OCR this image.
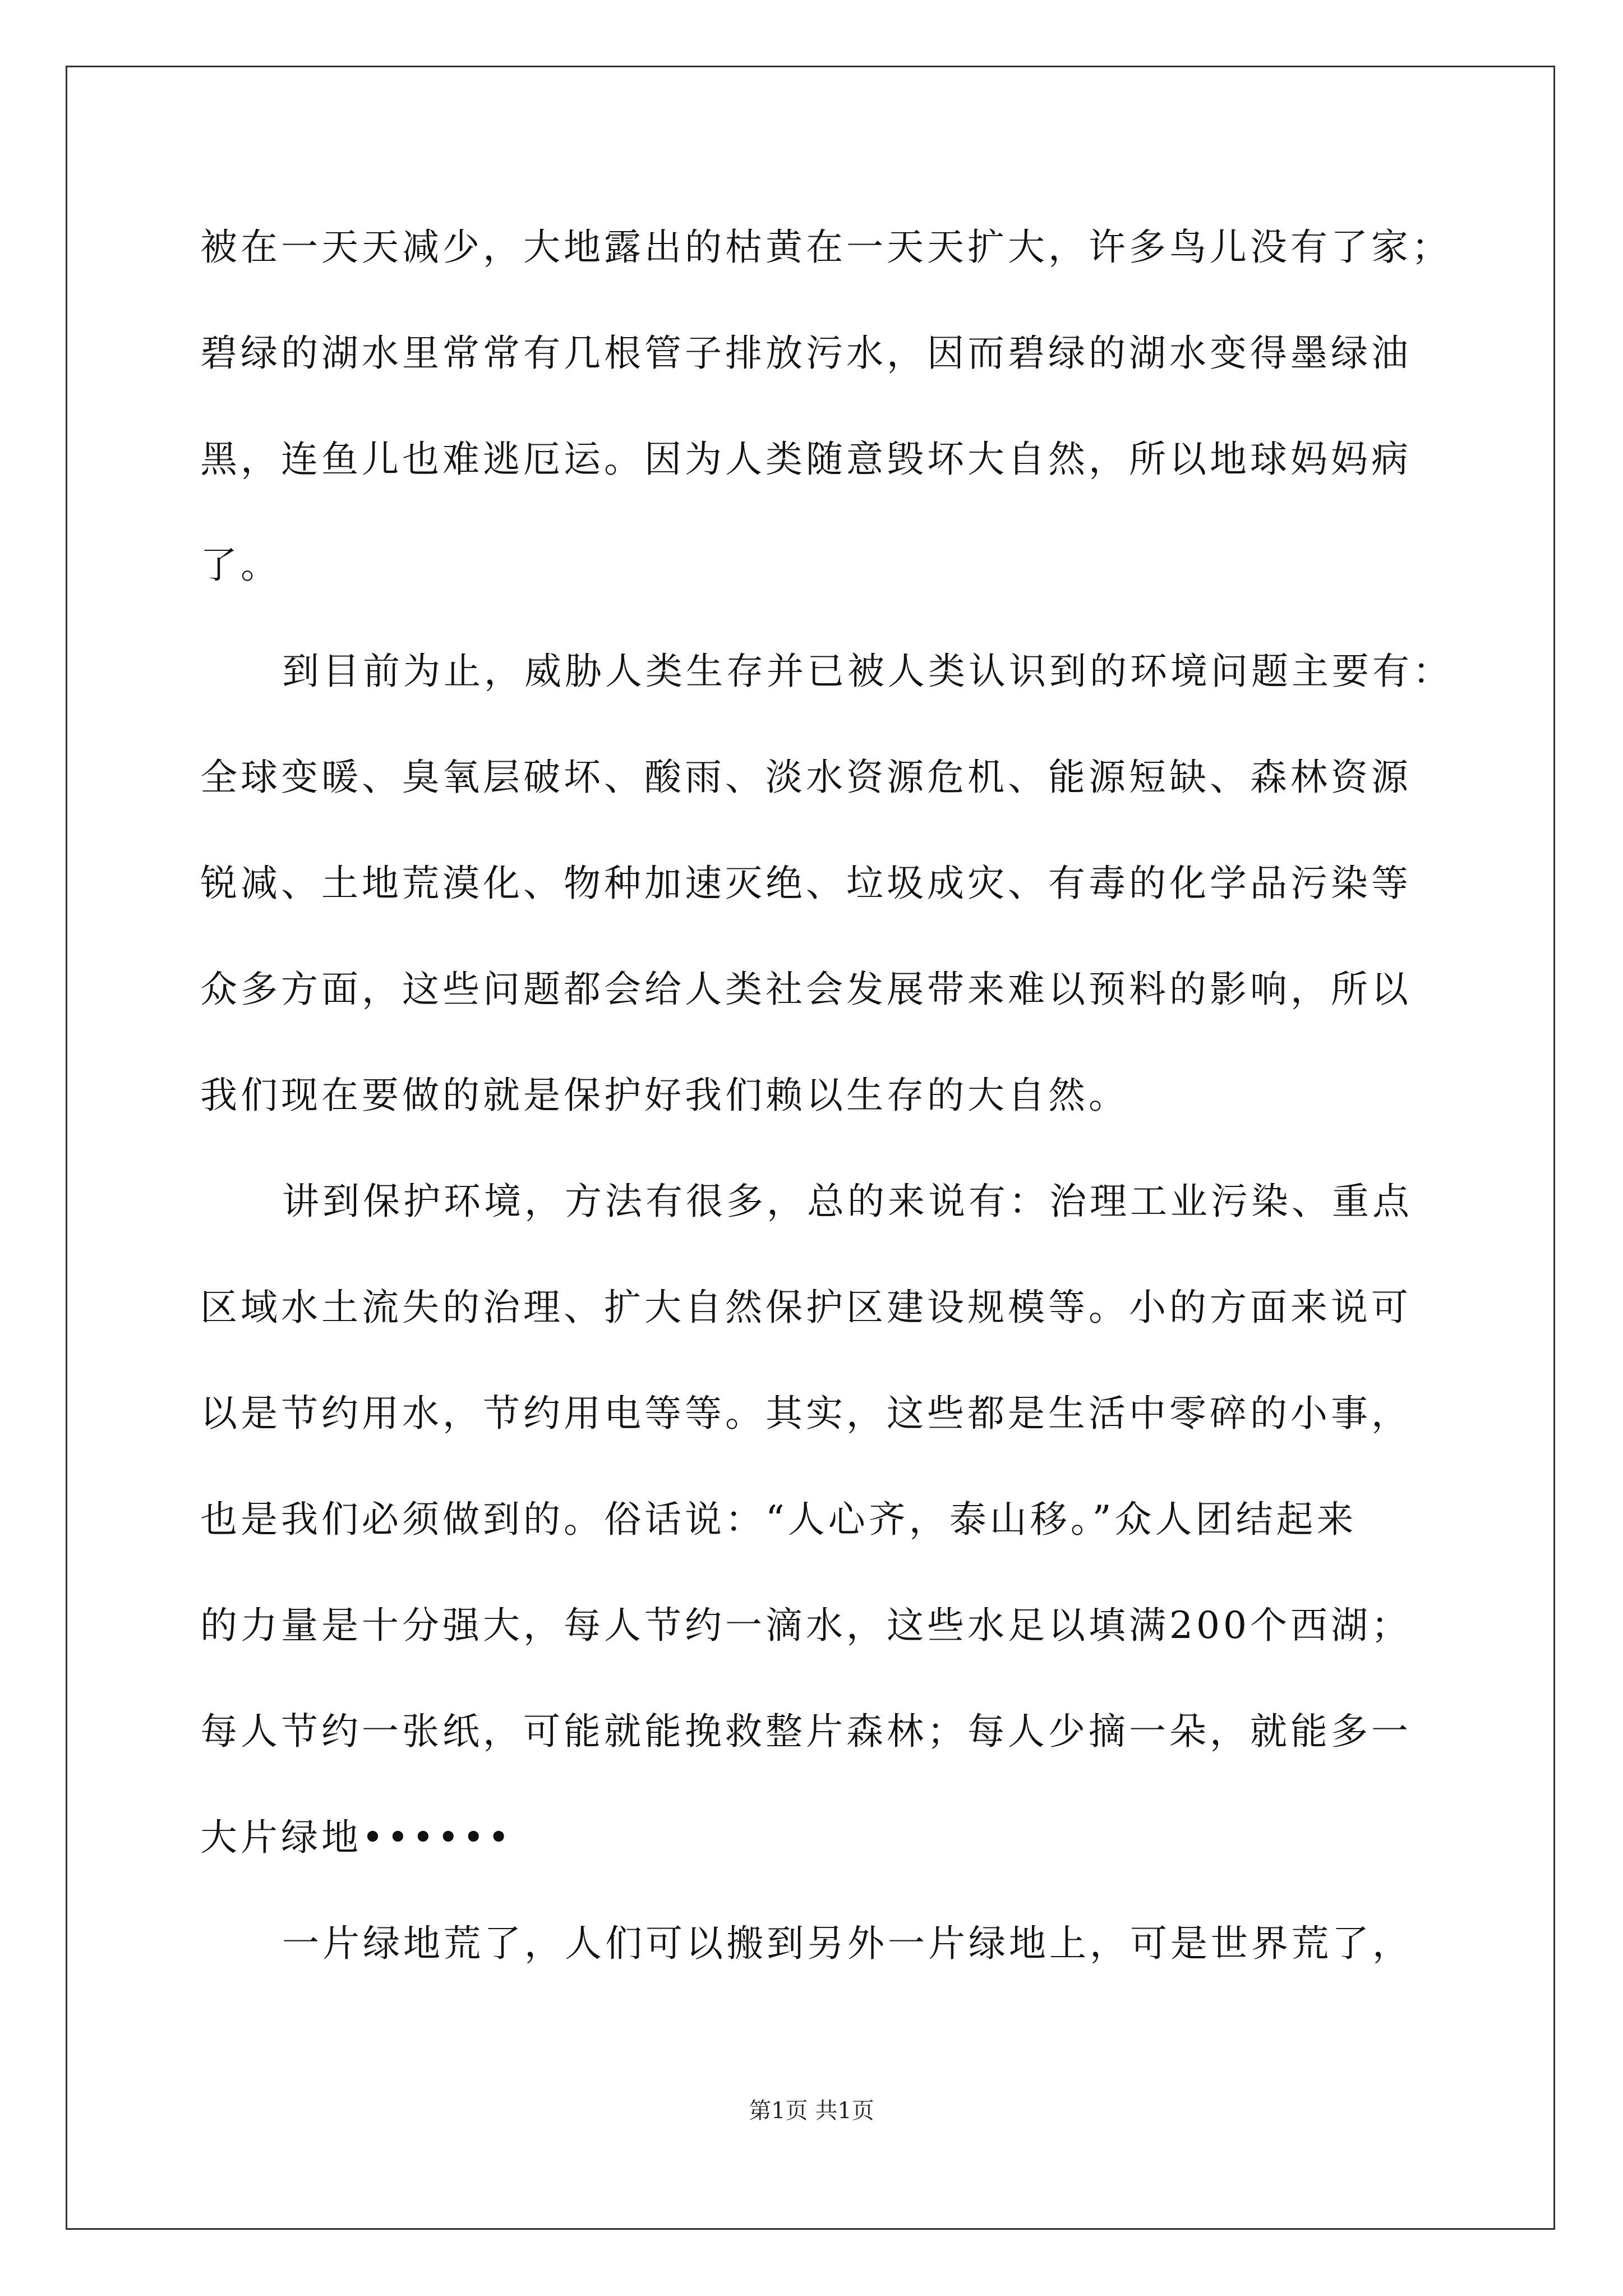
被在一天天减少，大地露出的枯黄在一天天扩大，许多鸟儿没有了家；
碧绿的湖水里常常有几根管子排放污水，因而碧绿的湖水变得墨绿油
黑，连鱼儿也难逃厄运。因为人类随意毁坏大自然，所以地球妈妈病
了。
到目前为止，威胁人类生存并已被人类认识到的环境问题主要有：
全球变暖、臭氧层破坏、酸雨、淡水资源危机、能源短缺、森林资源
锐减、土地荒漠化、物种加速灭绝、垃圾成灾、有毒的化学品污染等
众多方面，这些问题都会给人类社会发展带来难以预料的影响，所以
我们现在要做的就是保护好我们赖以生存的大自然。
讲到保护环境，方法有很多，总的来说有：治理工业污染、重点
区域水土流失的治理、扩大自然保护区建设规模等。小的方面来说可
以是节约用水，节约用电等等。其实，这些都是生活中零碎的小事，
也是我们必须做到的。俗话说：“人心齐，泰山移。”众人团结起来
的力量是十分强大，每人节约一滴水，这些水足以填满200个西湖；
每人节约一张纸，可能就能挽救整片森林；每人少摘一朵，就能多一
大片绿地••••••
一片绿地荒了，人们可以搬到另外一片绿地上，可是世界荒了，
第1页 共1页
